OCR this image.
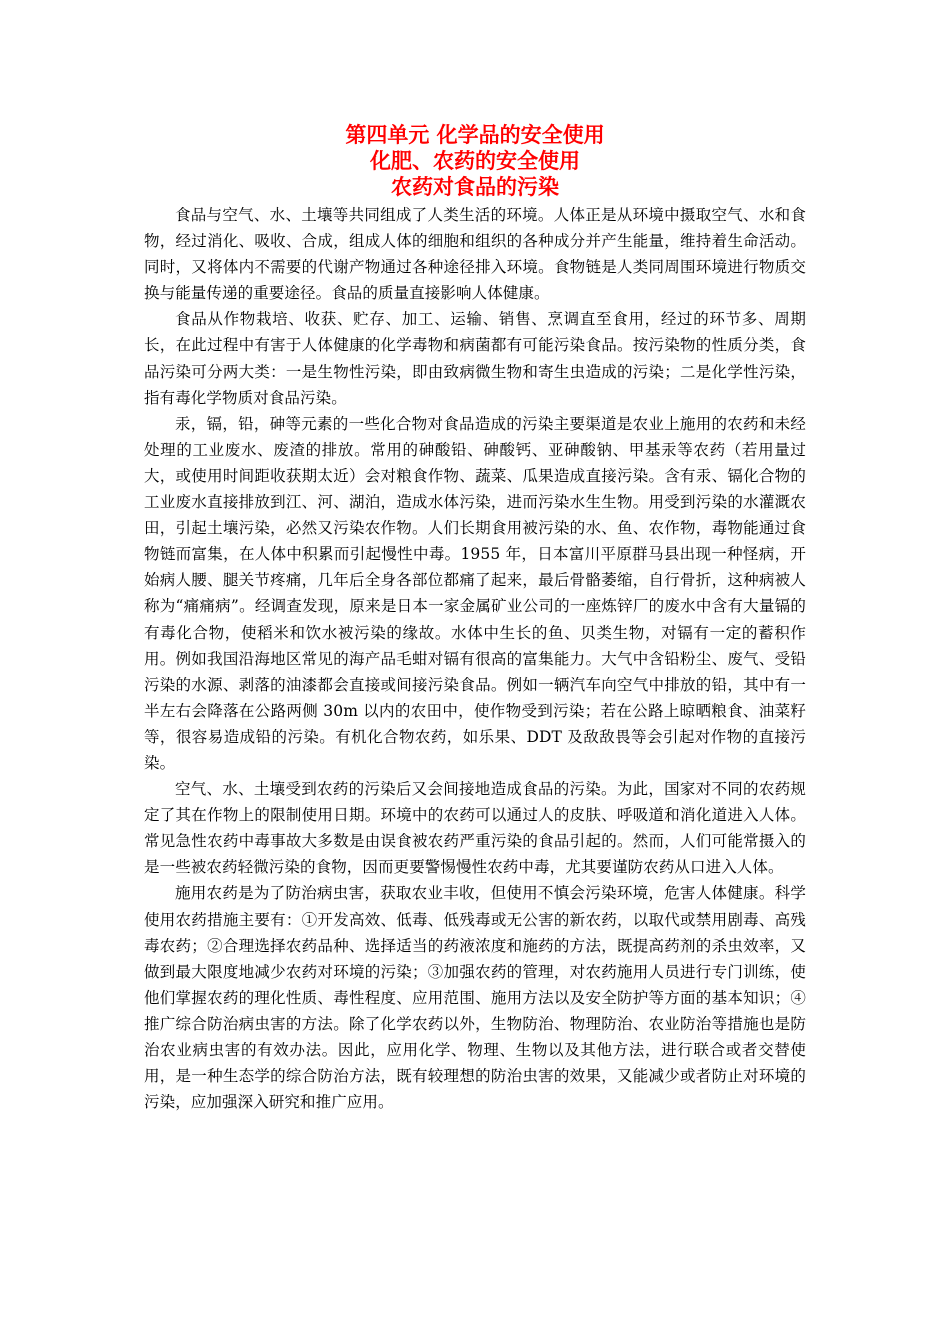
第四单元 化学品的安全使用
化肥、农药的安全使用
农药对食品的污染

食品与空气、水、土壤等共同组成了人类生活的环境。人体正是从环境中摄取空气、水和食物，经过消化、吸收、合成，组成人体的细胞和组织的各种成分并产生能量，维持着生命活动。同时，又将体内不需要的代谢产物通过各种途径排入环境。食物链是人类同周围环境进行物质交换与能量传递的重要途径。食品的质量直接影响人体健康。

食品从作物栽培、收获、贮存、加工、运输、销售、烹调直至食用，经过的环节多、周期长，在此过程中有害于人体健康的化学毒物和病菌都有可能污染食品。按污染物的性质分类，食品污染可分两大类：一是生物性污染，即由致病微生物和寄生虫造成的污染；二是化学性污染，指有毒化学物质对食品污染。

汞，镉，铅，砷等元素的一些化合物对食品造成的污染主要渠道是农业上施用的农药和未经处理的工业废水、废渣的排放。常用的砷酸铅、砷酸钙、亚砷酸钠、甲基汞等农药（若用量过大，或使用时间距收获期太近）会对粮食作物、蔬菜、瓜果造成直接污染。含有汞、镉化合物的工业废水直接排放到江、河、湖泊，造成水体污染，进而污染水生生物。用受到污染的水灌溉农田，引起土壤污染，必然又污染农作物。人们长期食用被污染的水、鱼、农作物，毒物能通过食物链而富集，在人体中积累而引起慢性中毒。1955 年，日本富川平原群马县出现一种怪病，开始病人腰、腿关节疼痛，几年后全身各部位都痛了起来，最后骨骼萎缩，自行骨折，这种病被人称为“痛痛病”。经调查发现，原来是日本一家金属矿业公司的一座炼锌厂的废水中含有大量镉的有毒化合物，使稻米和饮水被污染的缘故。水体中生长的鱼、贝类生物，对镉有一定的蓄积作用。例如我国沿海地区常见的海产品毛蚶对镉有很高的富集能力。大气中含铅粉尘、废气、受铅污染的水源、剥落的油漆都会直接或间接污染食品。例如一辆汽车向空气中排放的铅，其中有一半左右会降落在公路两侧 30m 以内的农田中，使作物受到污染；若在公路上晾晒粮食、油菜籽等，很容易造成铅的污染。有机化合物农药，如乐果、DDT 及敌敌畏等会引起对作物的直接污染。

空气、水、土壤受到农药的污染后又会间接地造成食品的污染。为此，国家对不同的农药规定了其在作物上的限制使用日期。环境中的农药可以通过人的皮肤、呼吸道和消化道进入人体。常见急性农药中毒事故大多数是由误食被农药严重污染的食品引起的。然而，人们可能常摄入的是一些被农药轻微污染的食物，因而更要警惕慢性农药中毒，尤其要谨防农药从口进入人体。

施用农药是为了防治病虫害，获取农业丰收，但使用不慎会污染环境，危害人体健康。科学使用农药措施主要有：①开发高效、低毒、低残毒或无公害的新农药，以取代或禁用剧毒、高残毒农药；②合理选择农药品种、选择适当的药液浓度和施药的方法，既提高药剂的杀虫效率，又做到最大限度地减少农药对环境的污染；③加强农药的管理，对农药施用人员进行专门训练，使他们掌握农药的理化性质、毒性程度、应用范围、施用方法以及安全防护等方面的基本知识；④推广综合防治病虫害的方法。除了化学农药以外，生物防治、物理防治、农业防治等措施也是防治农业病虫害的有效办法。因此，应用化学、物理、生物以及其他方法，进行联合或者交替使用，是一种生态学的综合防治方法，既有较理想的防治虫害的效果，又能减少或者防止对环境的污染，应加强深入研究和推广应用。
